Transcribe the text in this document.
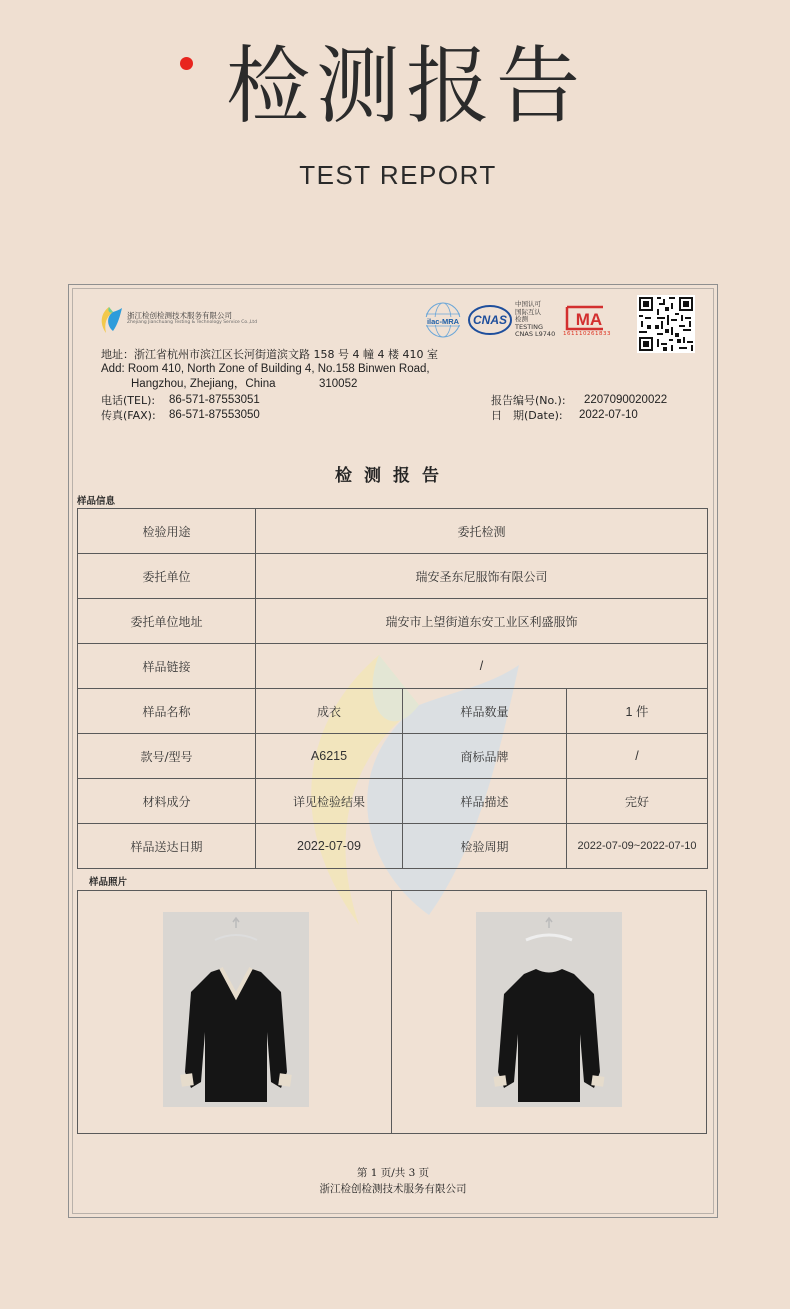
检测报告
TEST REPORT
浙江检创检测技术服务有限公司
Zhejiang Jianchuang Testing & Technology Service Co.,Ltd	ilac-MRA CNAS
中国认可
国际互认
检测
TESTING
CNAS L9740
MA
161110261833
地址：浙江省杭州市滨江区长河街道滨文路 158 号 4 幢 4 楼 410 室
Add: Room 410, North Zone of Building 4, No.158 Binwen Road,
Hangzhou, Zhejiang，China	310052
电话(TEL): 86-571-87553051
传真(FAX): 86-571-87553050
报告编号(No.): 2207090020022
日　期(Date): 2022-07-10
检测报告
样品信息
检验用途	委托检测		
委托单位	瑞安圣东尼服饰有限公司		
委托单位地址	瑞安市上望街道东安工业区利盛服饰		
样品链接	/		
样品名称	成衣	样品数量	1 件
款号/型号	A6215	商标品牌	/
材料成分	详见检验结果	样品描述	完好
样品送达日期	2022-07-09	检验周期	2022-07-09~2022-07-10
样品照片
第 1 页/共 3 页
浙江检创检测技术服务有限公司
